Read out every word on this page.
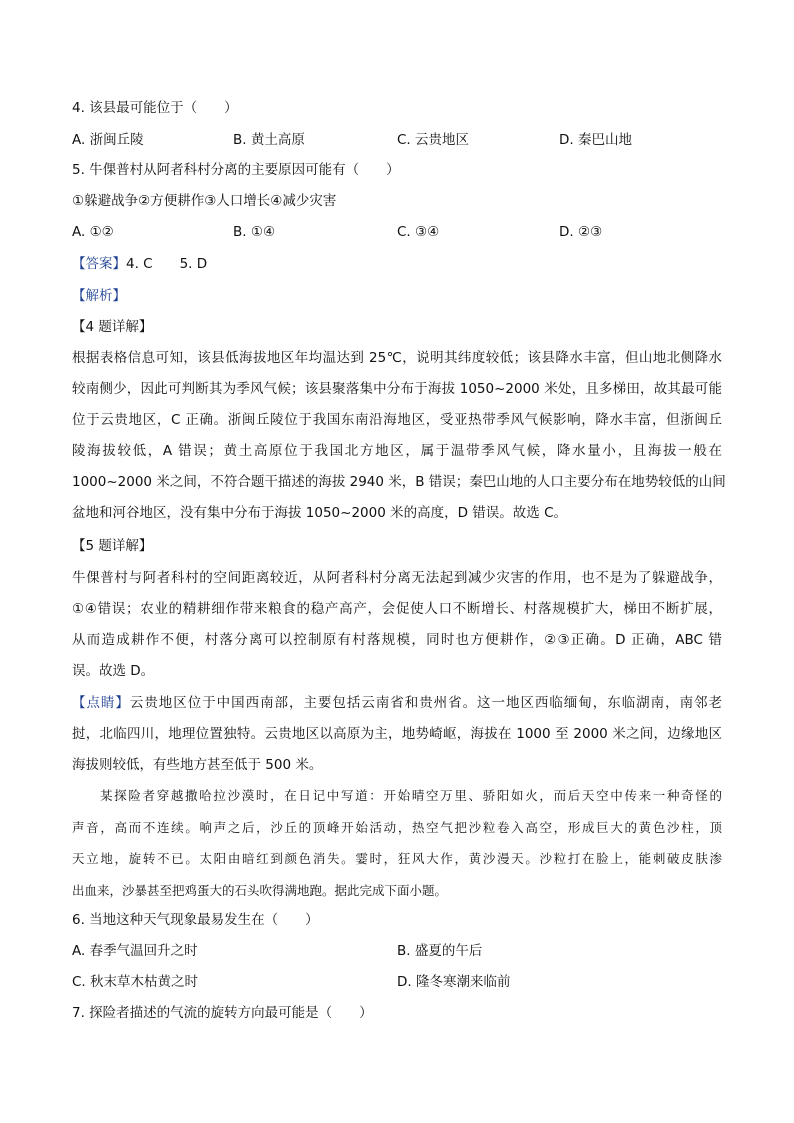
4. 该县最可能位于（　　）
A. 浙闽丘陵	B. 黄土高原	C. 云贵地区	D. 秦巴山地
5. 牛倮普村从阿者科村分离的主要原因可能有（　　）
①躲避战争②方便耕作③人口增长④减少灾害
A. ①②	B. ①④	C. ③④	D. ②③
【答案】4. C　　5. D
【解析】
【4 题详解】
根据表格信息可知，该县低海拔地区年均温达到 25℃，说明其纬度较低；该县降水丰富，但山地北侧降水
较南侧少，因此可判断其为季风气候；该县聚落集中分布于海拔 1050~2000 米处，且多梯田，故其最可能
位于云贵地区，C 正确。浙闽丘陵位于我国东南沿海地区，受亚热带季风气候影响，降水丰富，但浙闽丘
陵海拔较低，A 错误；黄土高原位于我国北方地区，属于温带季风气候，降水量小，且海拔一般在
1000~2000 米之间，不符合题干描述的海拔 2940 米，B 错误；秦巴山地的人口主要分布在地势较低的山间
盆地和河谷地区，没有集中分布于海拔 1050~2000 米的高度，D 错误。故选 C。
【5 题详解】
牛倮普村与阿者科村的空间距离较近，从阿者科村分离无法起到减少灾害的作用，也不是为了躲避战争，
①④错误；农业的精耕细作带来粮食的稳产高产，会促使人口不断增长、村落规模扩大，梯田不断扩展，
从而造成耕作不便，村落分离可以控制原有村落规模，同时也方便耕作，②③正确。D 正确，ABC 错
误。故选 D。
【点睛】云贵地区位于中国西南部，主要包括云南省和贵州省。这一地区西临缅甸，东临湖南，南邻老
挝，北临四川，地理位置独特。云贵地区以高原为主，地势崎岖，海拔在 1000 至 2000 米之间，边缘地区
海拔则较低，有些地方甚至低于 500 米。
某探险者穿越撒哈拉沙漠时，在日记中写道：开始晴空万里、骄阳如火，而后天空中传来一种奇怪的
声音，高而不连续。响声之后，沙丘的顶峰开始活动，热空气把沙粒卷入高空，形成巨大的黄色沙柱，顶
天立地，旋转不已。太阳由暗红到颜色消失。霎时，狂风大作，黄沙漫天。沙粒打在脸上，能刺破皮肤渗
出血来，沙暴甚至把鸡蛋大的石头吹得满地跑。据此完成下面小题。
6. 当地这种天气现象最易发生在（　　）
A. 春季气温回升之时	B. 盛夏的午后
C. 秋末草木枯黄之时	D. 隆冬寒潮来临前
7. 探险者描述的气流的旋转方向最可能是（　　）
